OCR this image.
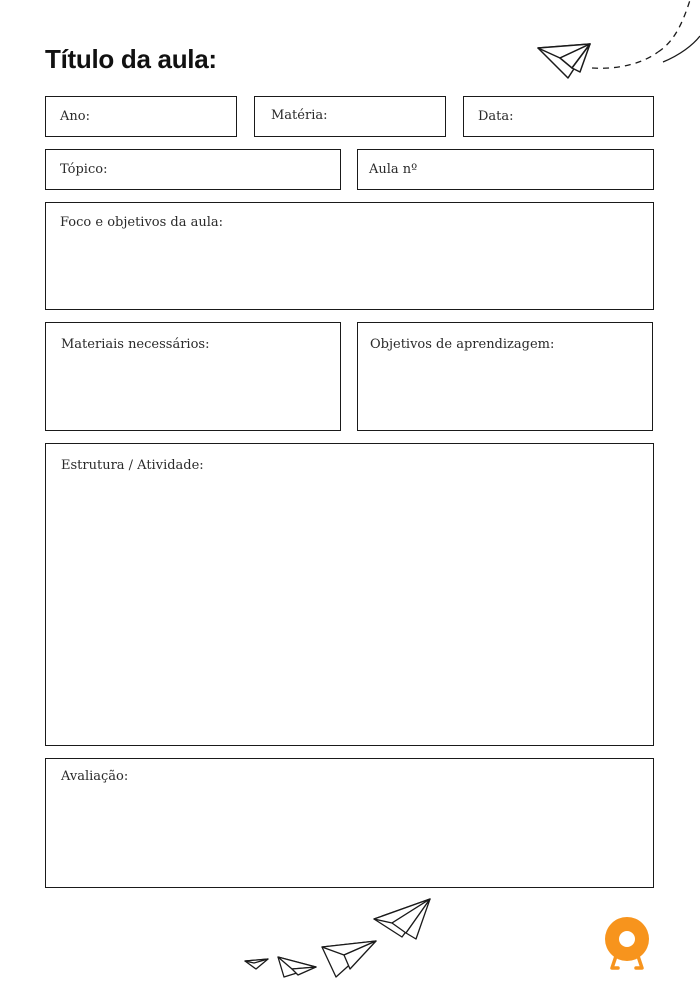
Título da aula:
Ano:	Matéria:	Data:
Tópico:	Aula nº
Foco e objetivos da aula:
Materiais necessários:	Objetivos de aprendizagem:
Estrutura / Atividade:
Avaliação:
